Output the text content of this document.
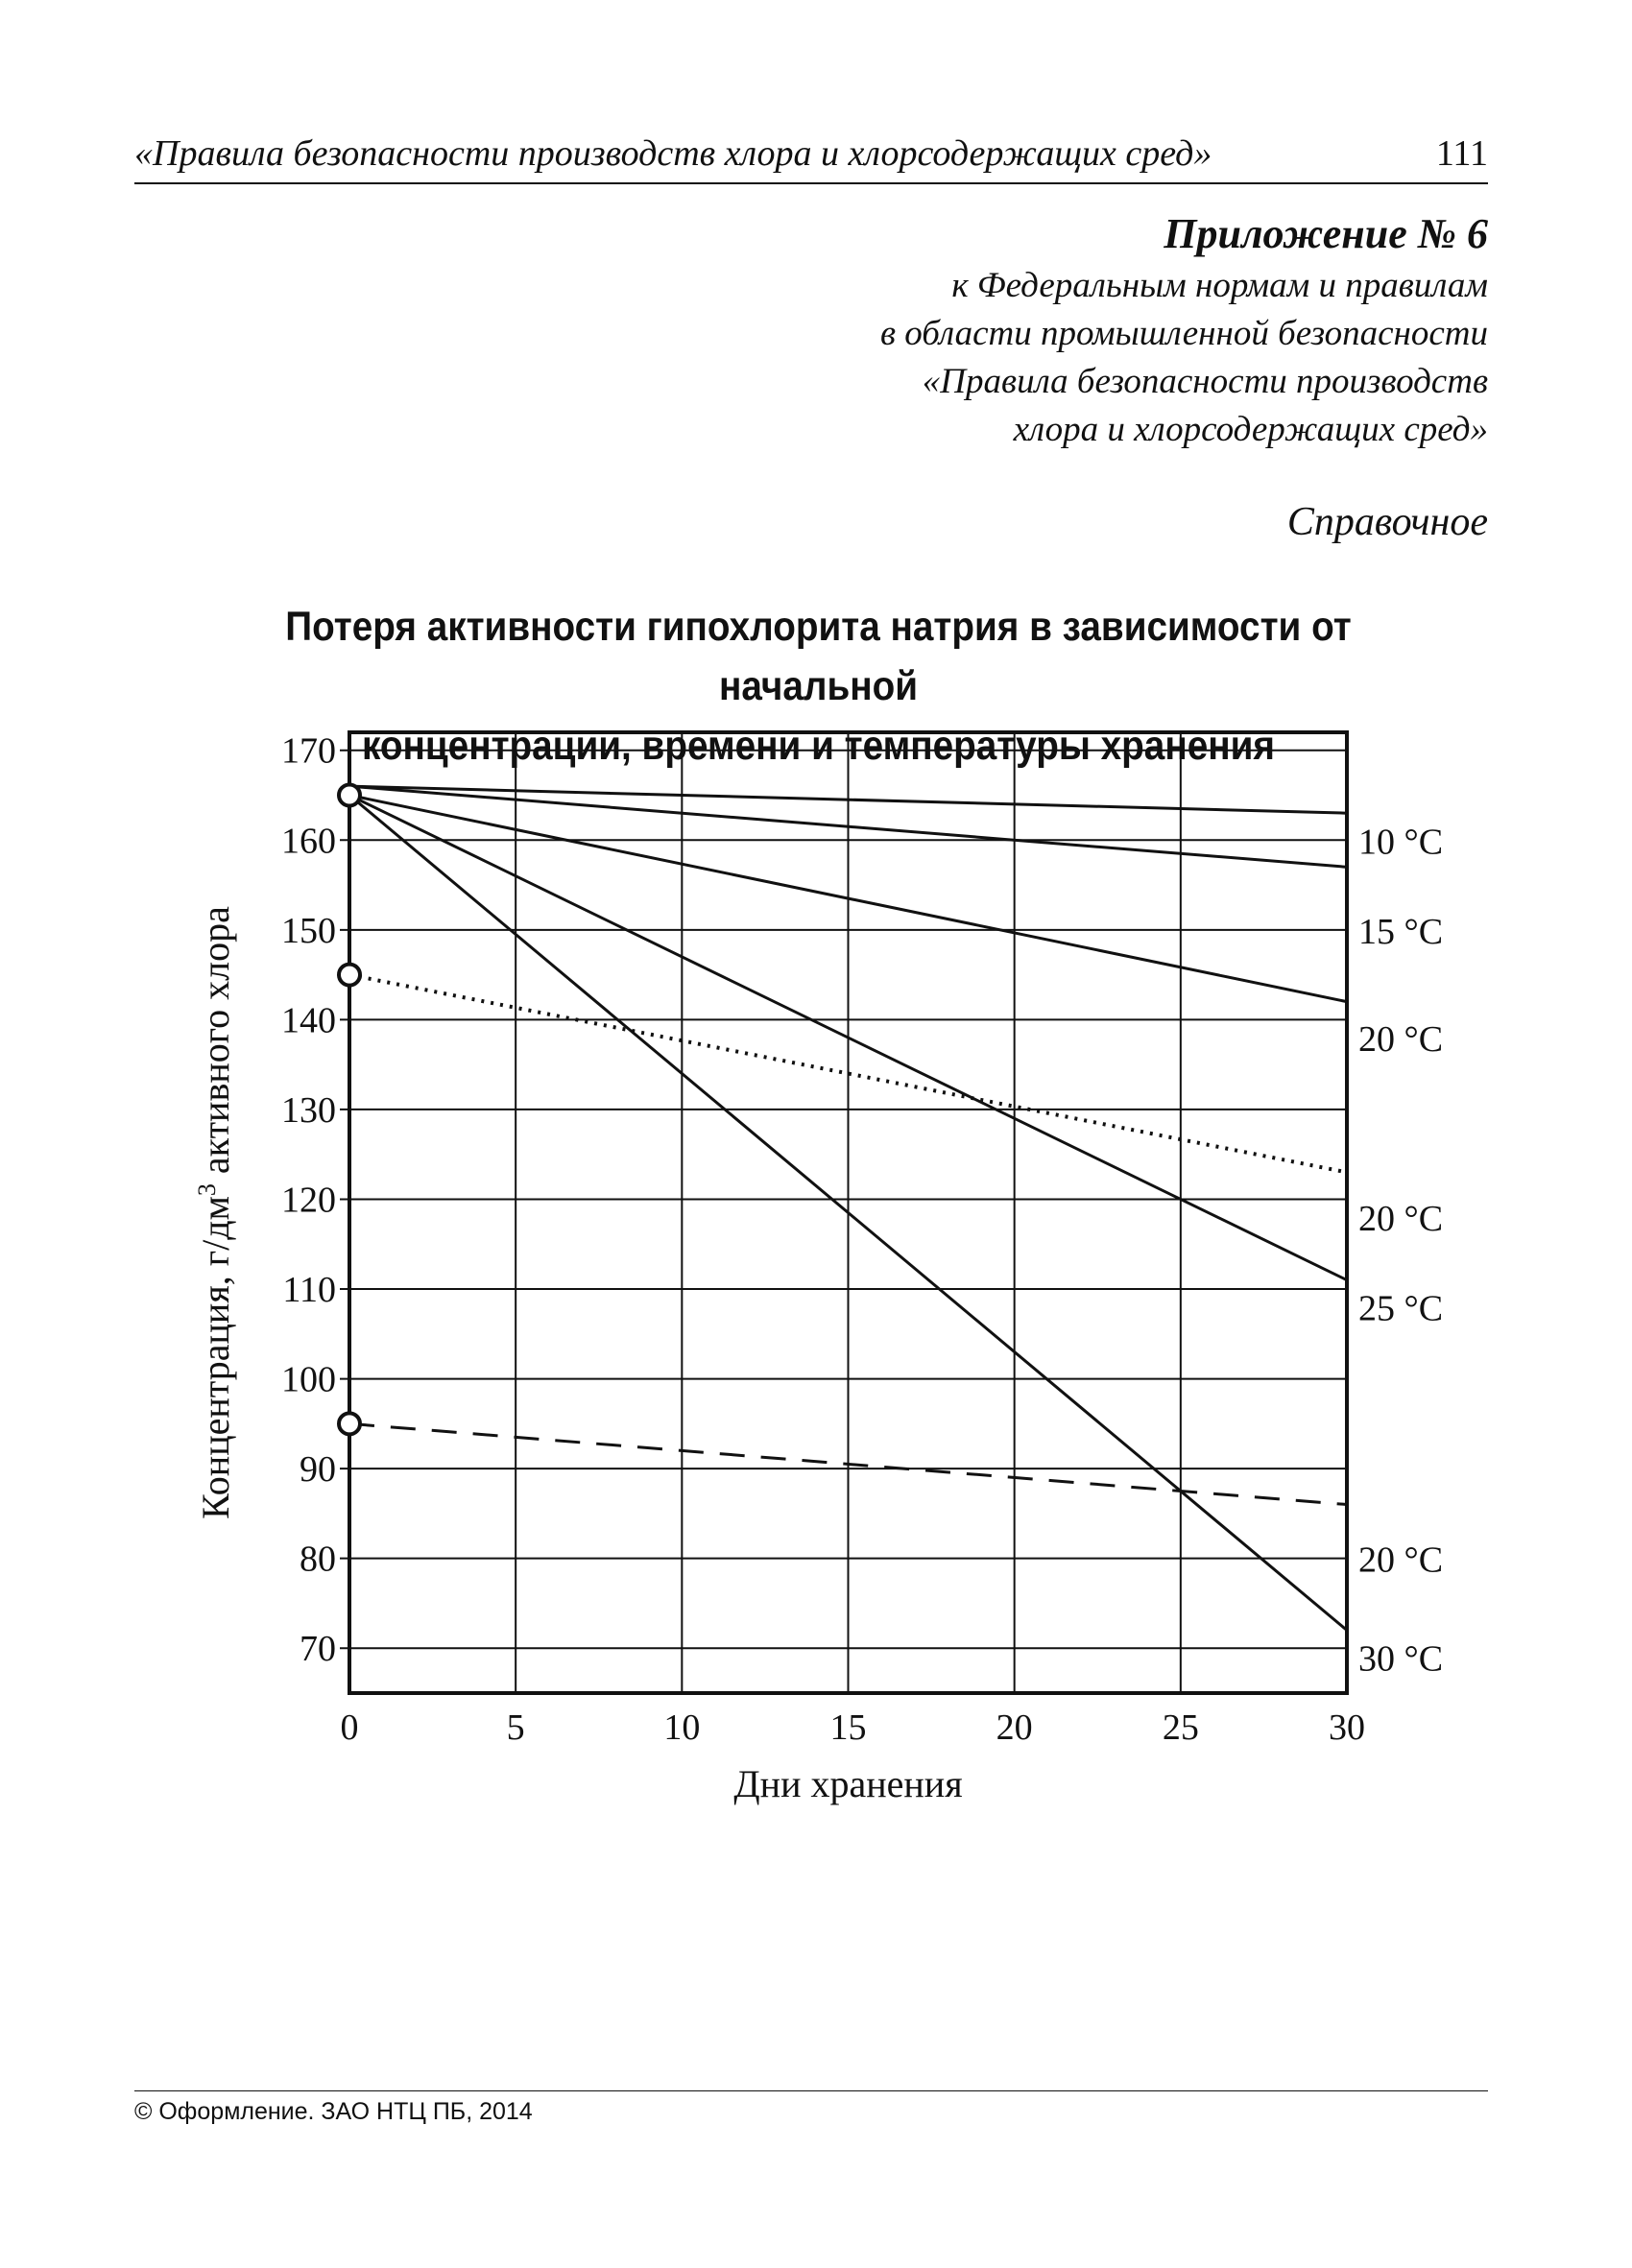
«Правила безопасности производств хлора и хлорсодержащих сред»	111
Приложение № 6
к Федеральным нормам и правилам
в области промышленной безопасности
«Правила безопасности производств
хлора и хлорсодержащих сред»
Справочное
Потеря активности гипохлорита натрия в зависимости от начальной
концентрации, времени и температуры хранения
70
80
90
100
110
120
130
140
150
160
170
0	5	10	15	20	25	30
Дни хранения
Концентрация, $г/дм^3$ активного хлора
10 °C
15 °C
20 °C
20 °C
25 °C
20 °C
30 °C
© Оформление. ЗАО НТЦ ПБ, 2014
